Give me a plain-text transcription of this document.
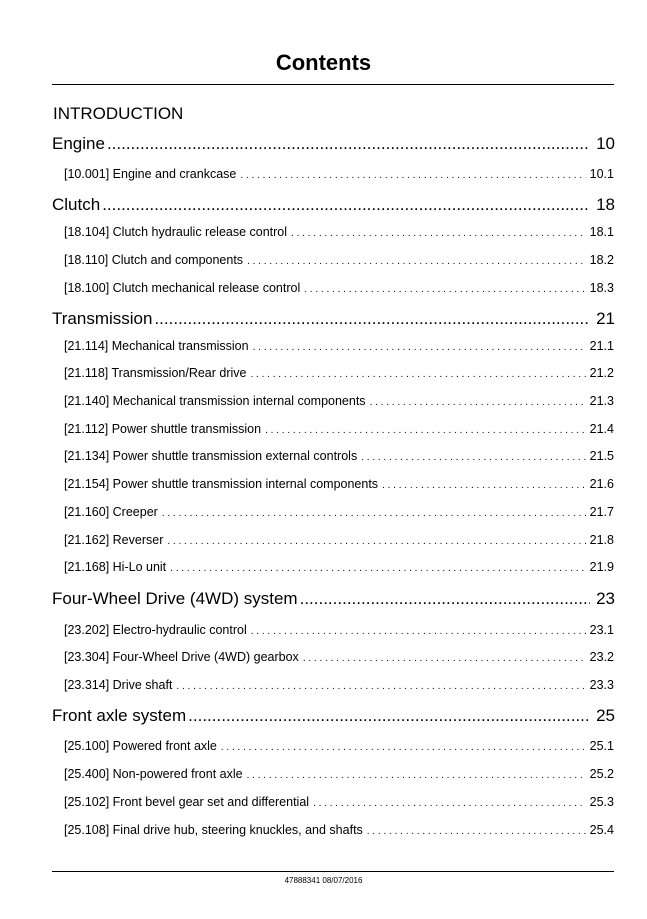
Contents
INTRODUCTION
Engine .....	10
[10.001] Engine and crankcase . . .	10.1
Clutch .....	18
[18.104] Clutch hydraulic release control . . .	18.1
[18.110] Clutch and components . . .	18.2
[18.100] Clutch mechanical release control . . .	18.3
Transmission .....	21
[21.114] Mechanical transmission . . .	21.1
[21.118] Transmission/Rear drive . . .	21.2
[21.140] Mechanical transmission internal components . . .	21.3
[21.112] Power shuttle transmission . . .	21.4
[21.134] Power shuttle transmission external controls . . .	21.5
[21.154] Power shuttle transmission internal components . . .	21.6
[21.160] Creeper . . .	21.7
[21.162] Reverser . . .	21.8
[21.168] Hi-Lo unit . . .	21.9
Four-Wheel Drive (4WD) system .....	23
[23.202] Electro-hydraulic control . . .	23.1
[23.304] Four-Wheel Drive (4WD) gearbox . . .	23.2
[23.314] Drive shaft . . .	23.3
Front axle system .....	25
[25.100] Powered front axle . . .	25.1
[25.400] Non-powered front axle . . .	25.2
[25.102] Front bevel gear set and differential . . .	25.3
[25.108] Final drive hub, steering knuckles, and shafts . . .	25.4
47888341 08/07/2016
